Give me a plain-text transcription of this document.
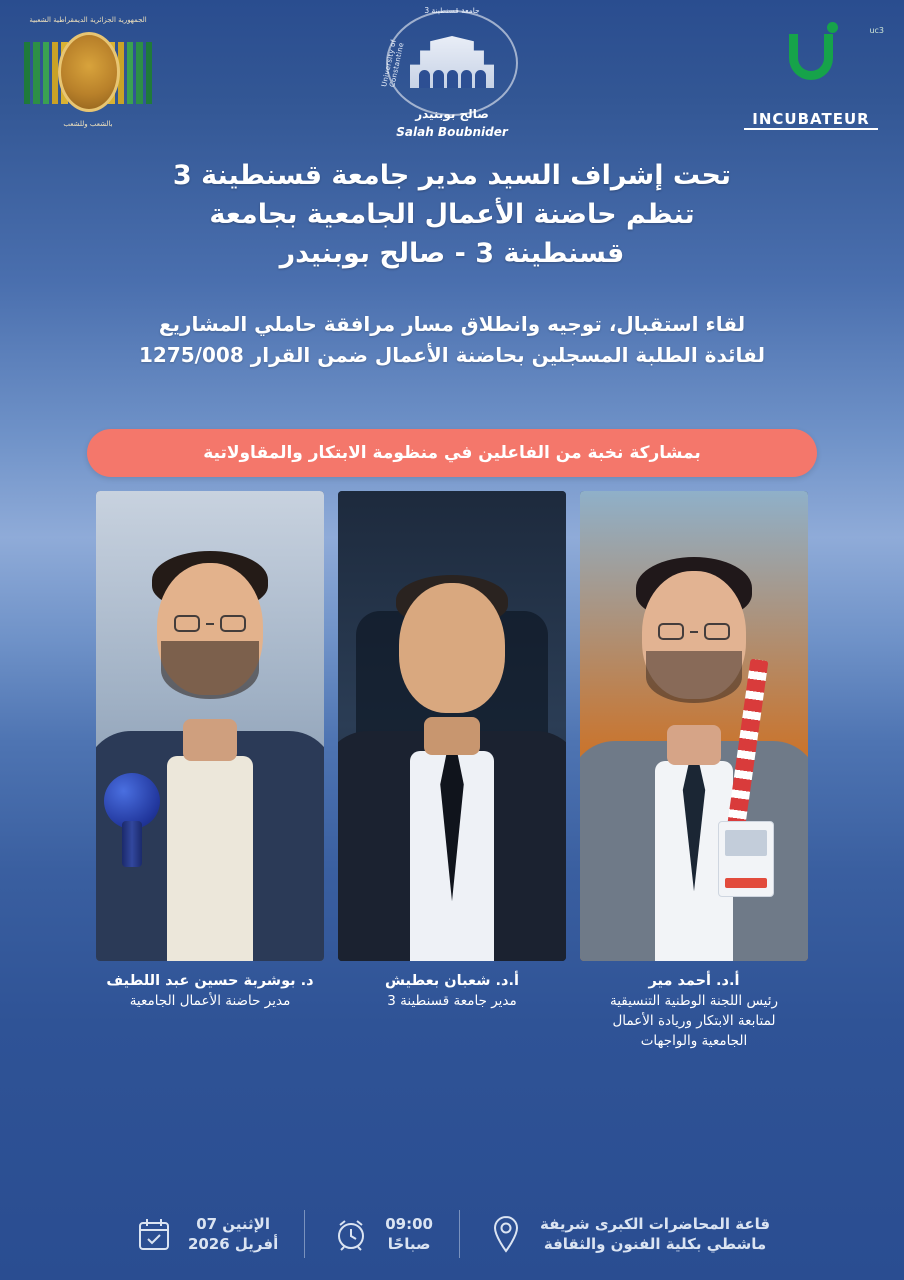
الجمهورية الجزائرية الديمقراطية الشعبية
بالشعب وللشعب
جامعة قسنطينة 3
University of Constantine
صالح بوبنيدر
Salah Boubnider
uc3
INCUBATEUR
تحت إشراف السيد مدير جامعة قسنطينة 3
تنظم حاضنة الأعمال الجامعية بجامعة
قسنطينة 3 - صالح بوبنيدر
لقاء استقبال، توجيه وانطلاق مسار مرافقة حاملي المشاريع
لفائدة الطلبة المسجلين بحاضنة الأعمال ضمن القرار 1275/008
بمشاركة نخبة من الفاعلين في منظومة الابتكار والمقاولاتية
أ.د. أحمد مير
رئيس اللجنة الوطنية التنسيقية
لمتابعة الابتكار وريادة الأعمال
الجامعية والواجهات
أ.د. شعبان بعطيش
مدير جامعة قسنطينة 3
د. بوشربة حسين عبد اللطيف
مدير حاضنة الأعمال الجامعية
قاعة المحاضرات الكبرى شريفة
ماشطي بكلية الفنون والثقافة
09:00
صباحًا
الإثنين 07
أفريل 2026
